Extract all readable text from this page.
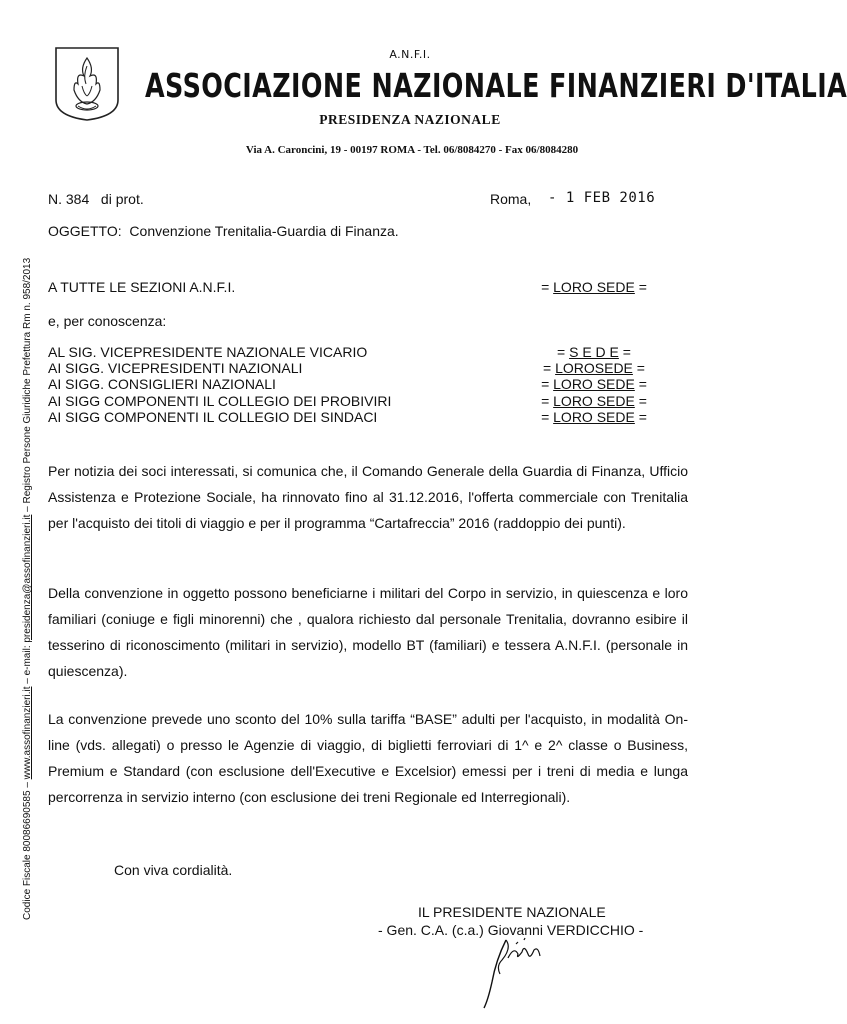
A.N.F.I.
ASSOCIAZIONE NAZIONALE FINANZIERI D'ITALIA
PRESIDENZA NAZIONALE
Via A. Caroncini, 19 - 00197 ROMA - Tel. 06/8084270 - Fax 06/8084280
N. 384 di prot.	Roma, - 1 FEB 2016
OGGETTO: Convenzione Trenitalia-Guardia di Finanza.
A TUTTE LE SEZIONI A.N.F.I.	= LORO SEDE =
e, per conoscenza:
AL SIG. VICEPRESIDENTE NAZIONALE VICARIO	= S E D E =
AI SIGG. VICEPRESIDENTI NAZIONALI	= LOROSEDE =
AI SIGG. CONSIGLIERI NAZIONALI	= LORO SEDE =
AI SIGG COMPONENTI IL COLLEGIO DEI PROBIVIRI	= LORO SEDE =
AI SIGG COMPONENTI IL COLLEGIO DEI SINDACI	= LORO SEDE =
Per notizia dei soci interessati, si comunica che, il Comando Generale della Guardia di Finanza, Ufficio Assistenza e Protezione Sociale, ha rinnovato fino al 31.12.2016, l'offerta commerciale con Trenitalia per l'acquisto dei titoli di viaggio e per il programma “Cartafreccia” 2016 (raddoppio dei punti).
Della convenzione in oggetto possono beneficiarne i militari del Corpo in servizio, in quiescenza e loro familiari (coniuge e figli minorenni) che , qualora richiesto dal personale Trenitalia, dovranno esibire il tesserino di riconoscimento (militari in servizio), modello BT (familiari) e tessera A.N.F.I. (personale in quiescenza).
La convenzione prevede uno sconto del 10% sulla tariffa “BASE” adulti per l'acquisto, in modalità On-line (vds. allegati) o presso le Agenzie di viaggio, di biglietti ferroviari di 1^ e 2^ classe o Business, Premium e Standard (con esclusione dell'Executive e Excelsior) emessi per i treni di media e lunga percorrenza in servizio interno (con esclusione dei treni Regionale ed Interregionali).
Con viva cordialità.
IL PRESIDENTE NAZIONALE
- Gen. C.A. (c.a.) Giovanni VERDICCHIO -
Codice Fiscale 80086690585 – www.assofinanzieri.it – e-mail: presidenza@assofinanzieri.it – Registro Persone Giuridiche Prefettura Rm n. 958/2013
